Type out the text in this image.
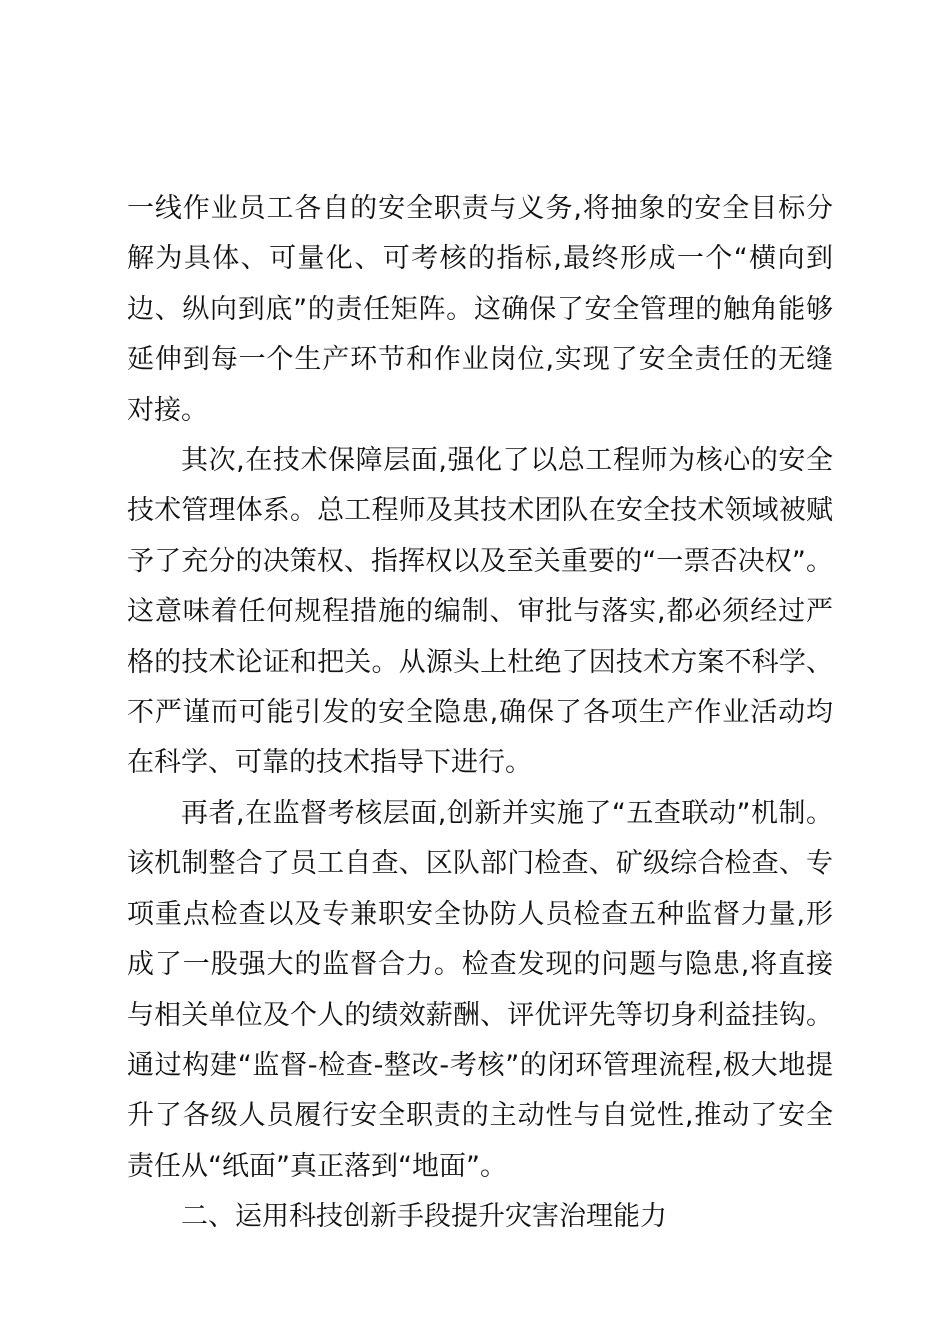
一线作业员工各自的安全职责与义务,将抽象的安全目标分解为具体、可量化、可考核的指标,最终形成一个“横向到边、纵向到底”的责任矩阵。这确保了安全管理的触角能够延伸到每一个生产环节和作业岗位,实现了安全责任的无缝对接。

其次,在技术保障层面,强化了以总工程师为核心的安全技术管理体系。总工程师及其技术团队在安全技术领域被赋予了充分的决策权、指挥权以及至关重要的“一票否决权”。这意味着任何规程措施的编制、审批与落实,都必须经过严格的技术论证和把关。从源头上杜绝了因技术方案不科学、不严谨而可能引发的安全隐患,确保了各项生产作业活动均在科学、可靠的技术指导下进行。

再者,在监督考核层面,创新并实施了“五查联动”机制。该机制整合了员工自查、区队部门检查、矿级综合检查、专项重点检查以及专兼职安全协防人员检查五种监督力量,形成了一股强大的监督合力。检查发现的问题与隐患,将直接与相关单位及个人的绩效薪酬、评优评先等切身利益挂钩。通过构建“监督-检查-整改-考核”的闭环管理流程,极大地提升了各级人员履行安全职责的主动性与自觉性,推动了安全责任从“纸面”真正落到“地面”。

二、运用科技创新手段提升灾害治理能力
